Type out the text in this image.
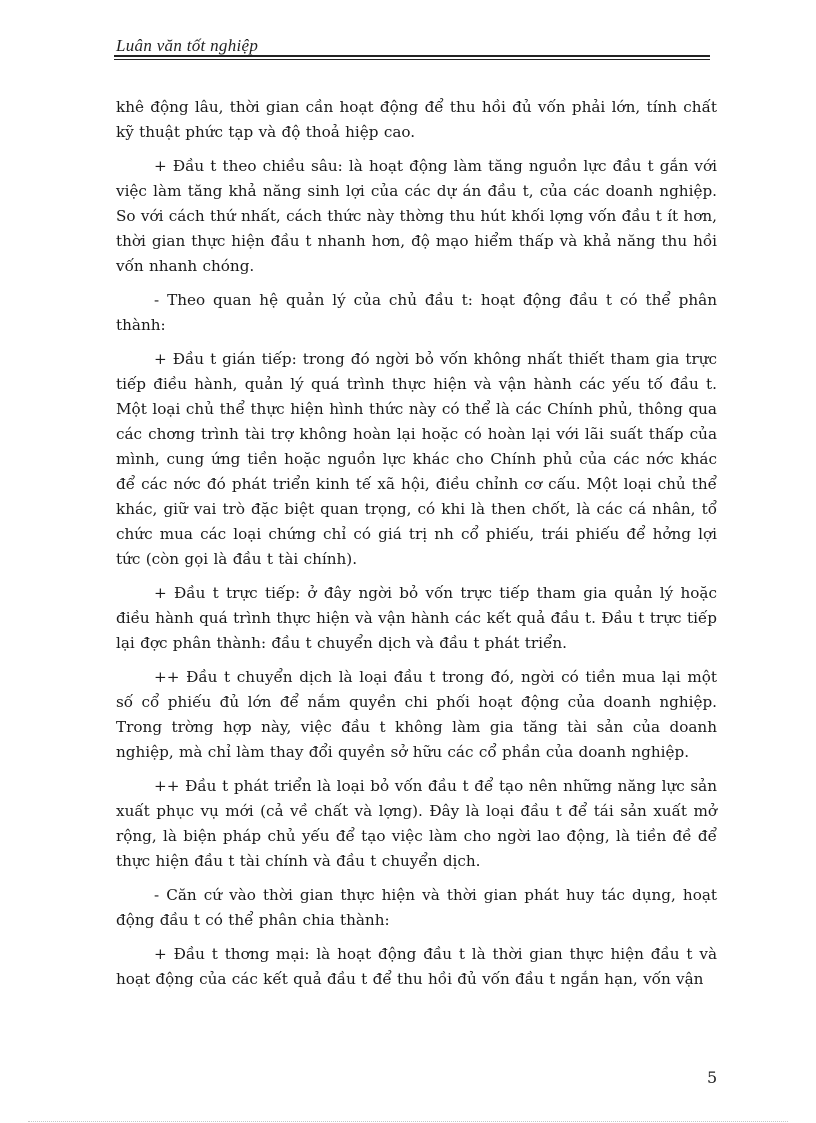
Luân văn tốt nghiệp

khê động lâu, thời gian cần hoạt động để thu hồi đủ vốn phải lớn, tính chất kỹ thuật phức tạp và độ thoả hiệp cao.

+ Đầu t theo chiều sâu: là hoạt động làm tăng nguồn lực đầu t gắn với việc làm tăng khả năng sinh lợi của các dự án đầu t, của các doanh nghiệp. So với cách thứ nhất, cách thức này thờng thu hút khối lợng vốn đầu t ít hơn, thời gian thực hiện đầu t nhanh hơn, độ mạo hiểm thấp và khả năng thu hồi vốn nhanh chóng.

- Theo quan hệ quản lý của chủ đầu t: hoạt động đầu t có thể phân thành:

+ Đầu t gián tiếp: trong đó ngời bỏ vốn không nhất thiết tham gia trực tiếp điều hành, quản lý quá trình thực hiện và vận hành các yếu tố đầu t. Một loại chủ thể thực hiện hình thức này có thể là các Chính phủ, thông qua các chơng trình tài trợ không hoàn lại hoặc có hoàn lại với lãi suất thấp của mình, cung ứng tiền hoặc nguồn lực khác cho Chính phủ của các nớc khác để các nớc đó phát triển kinh tế xã hội, điều chỉnh cơ cấu. Một loại chủ thể khác, giữ vai trò đặc biệt quan trọng, có khi là then chốt, là các cá nhân, tổ chức mua các loại chứng chỉ có giá trị nh cổ phiếu, trái phiếu để hởng lợi tức (còn gọi là đầu t tài chính).

+ Đầu t trực tiếp: ở đây ngời bỏ vốn trực tiếp tham gia quản lý hoặc điều hành quá trình thực hiện và vận hành các kết quả đầu t. Đầu t trực tiếp lại đợc phân thành: đầu t chuyển dịch và đầu t phát triển.

++ Đầu t chuyển dịch là loại đầu t trong đó, ngời có tiền mua lại một số cổ phiếu đủ lớn để nắm quyền chi phối hoạt động của doanh nghiệp. Trong trờng hợp này, việc đầu t không làm gia tăng tài sản của doanh nghiệp, mà chỉ làm thay đổi quyền sở hữu các cổ phần của doanh nghiệp.

++ Đầu t phát triển là loại bỏ vốn đầu t để tạo nên những năng lực sản xuất phục vụ mới (cả về chất và lợng). Đây là loại đầu t để tái sản xuất mở rộng, là biện pháp chủ yếu để tạo việc làm cho ngời lao động, là tiền đề để thực hiện đầu t tài chính và đầu t chuyển dịch.

- Căn cứ vào thời gian thực hiện và thời gian phát huy tác dụng, hoạt động đầu t có thể phân chia thành:

+ Đầu t thơng mại: là hoạt động đầu t là thời gian thực hiện đầu t và hoạt động của các kết quả đầu t để thu hồi đủ vốn đầu t ngắn hạn, vốn vận

5
